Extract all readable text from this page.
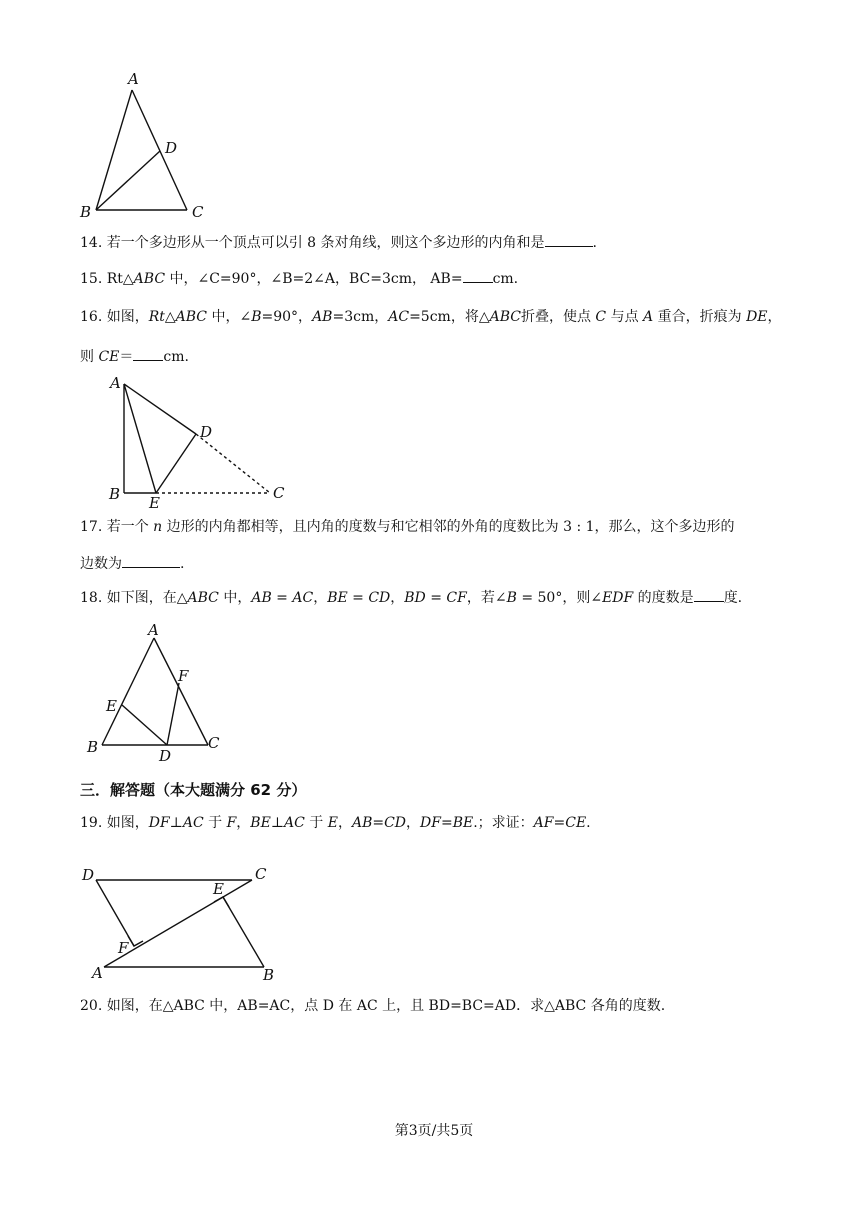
A
D
B	C
14. 若一个多边形从一个顶点可以引 8 条对角线，则这个多边形的内角和是	.
15. Rt△ABC 中，∠C=90°，∠B=2∠A，BC=3cm， AB= cm.
16. 如图，Rt△ABC 中，∠B=90°，AB=3cm，AC=5cm，将△ABC折叠，使点 C 与点 A 重合，折痕为 DE，
则 CE＝ cm.
A
D
B E
C
17. 若一个 n 边形的内角都相等，且内角的度数与和它相邻的外角的度数比为 3 : 1，那么，这个多边形的
边数为	.
18. 如下图，在△ABC 中，AB = AC，BE = CD，BD = CF，若∠B = 50°，则∠EDF 的度数是 度.
A
F
E
B	D
C
三．解答题（本大题满分 62 分）
19. 如图，DF⊥AC 于 F，BE⊥AC 于 E，AB=CD，DF=BE.；求证：AF=CE.
D	C
E
F
A	B
20. 如图，在△ABC 中，AB=AC，点 D 在 AC 上，且 BD=BC=AD．求△ABC 各角的度数.
第3页/共5页
